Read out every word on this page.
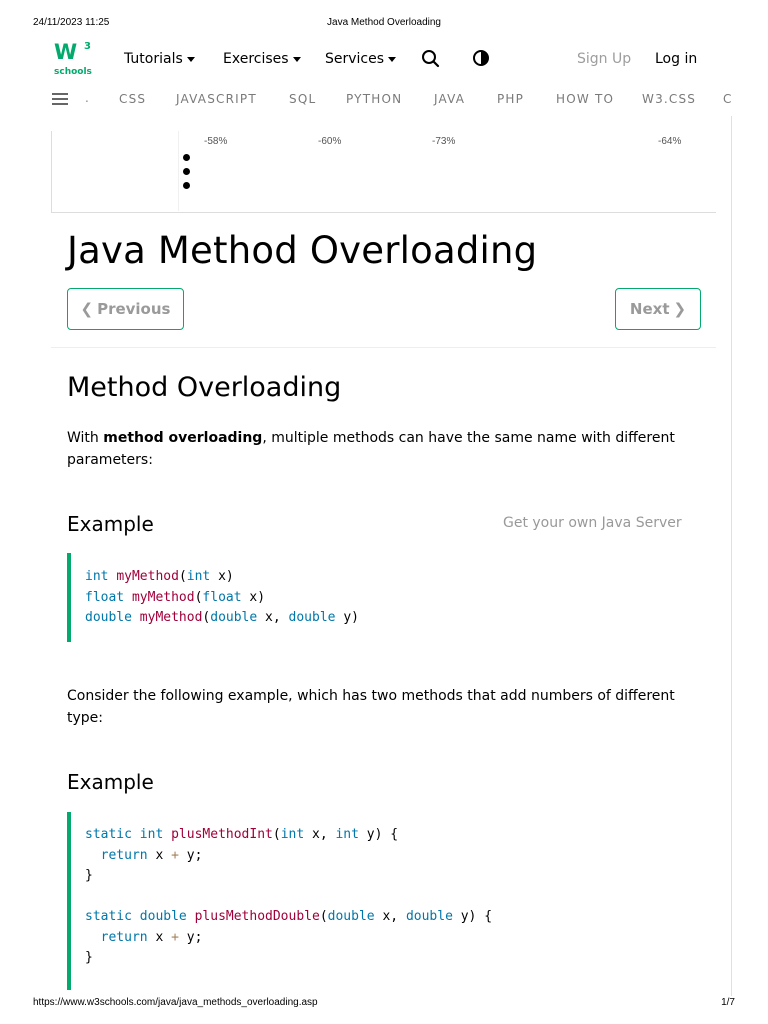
24/11/2023 11:25	Java Method Overloading
W 3
schools
Tutorials	Exercises	Services	Sign Up Log in
.	CSS JAVASCRIPT	SQL PYTHON	JAVA	PHP	HOW TO W3.CSS C
-58%	-60%	-73%	-64%
Java Method Overloading
❮ Previous	Next ❯
Method Overloading

With method overloading, multiple methods can have the same name with different parameters:

Example	Get your own Java Server
int myMethod(int x)
float myMethod(float x)
double myMethod(double x, double y)

Consider the following example, which has two methods that add numbers of different type:

Example
static int plusMethodInt(int x, int y) {
return x + y;
}
static double plusMethodDouble(double x, double y) {
return x + y;
}
https://www.w3schools.com/java/java_methods_overloading.asp	1/7
